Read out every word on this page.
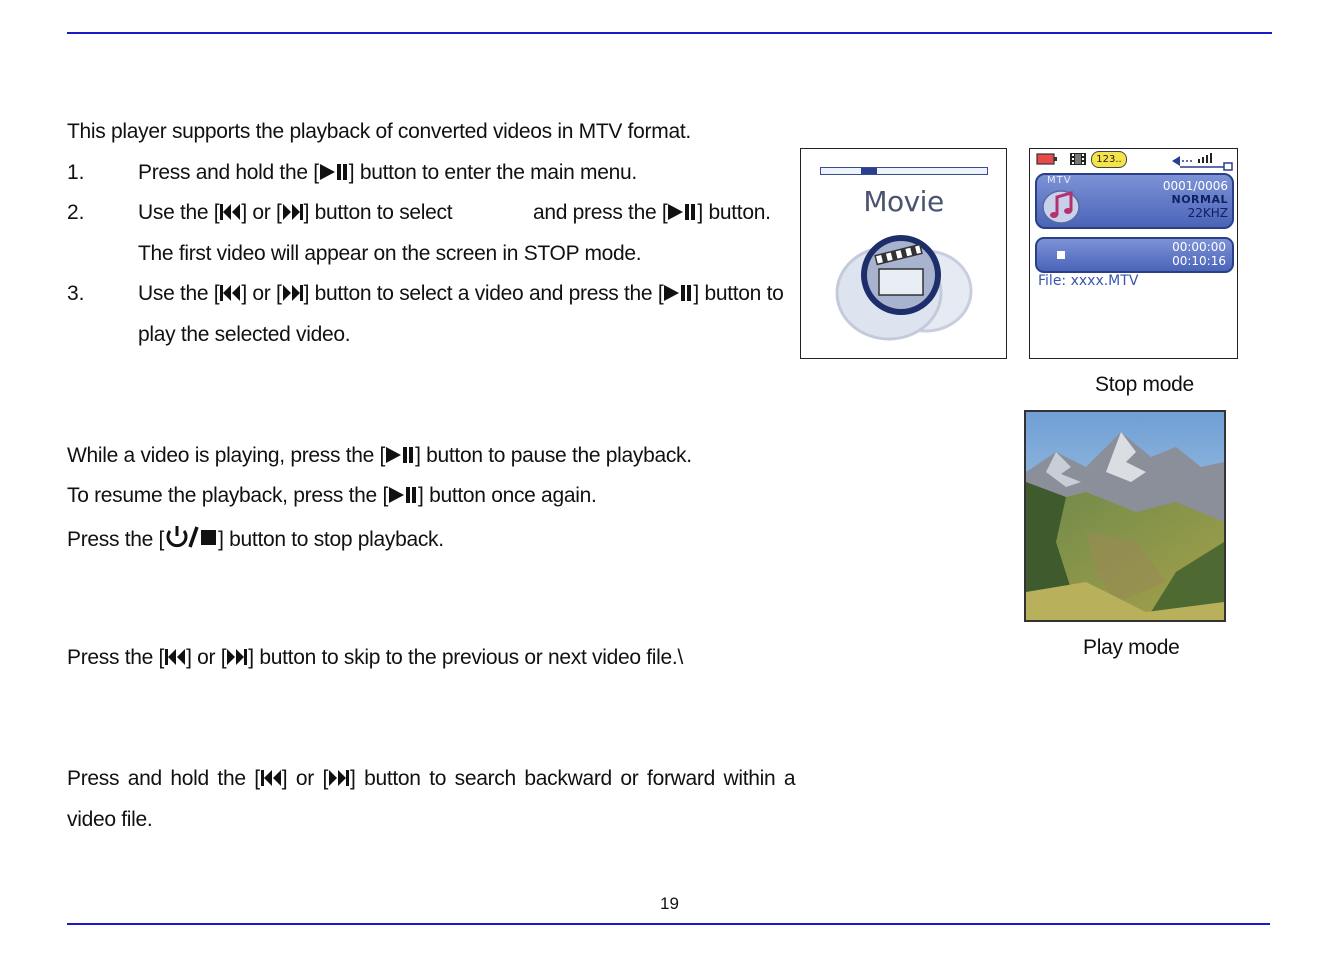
This player supports the playback of converted videos in MTV format.
1.	Press and hold the [ ] button to enter the main menu.
2.	Use the [ ] or [ ] button to select	and press the [ ] button.
The first video will appear on the screen in STOP mode.
3.	Use the [ ] or [ ] button to select a video and press the [ ] button to
play the selected video.
While a video is playing, press the [ ] button to pause the playback.
To resume the playback, press the [ ] button once again.
Press the [	] button to stop playback.
Press the [ ] or [ ] button to skip to the previous or next video file.\
Press and hold the [ ] or [ ] button to search backward or forward within a
video file.
Movie
123..
MTV	0001/0006
NORMAL
22KHZ
00:00:00
00:10:16
File: xxxx.MTV
Stop mode
Play mode
19
